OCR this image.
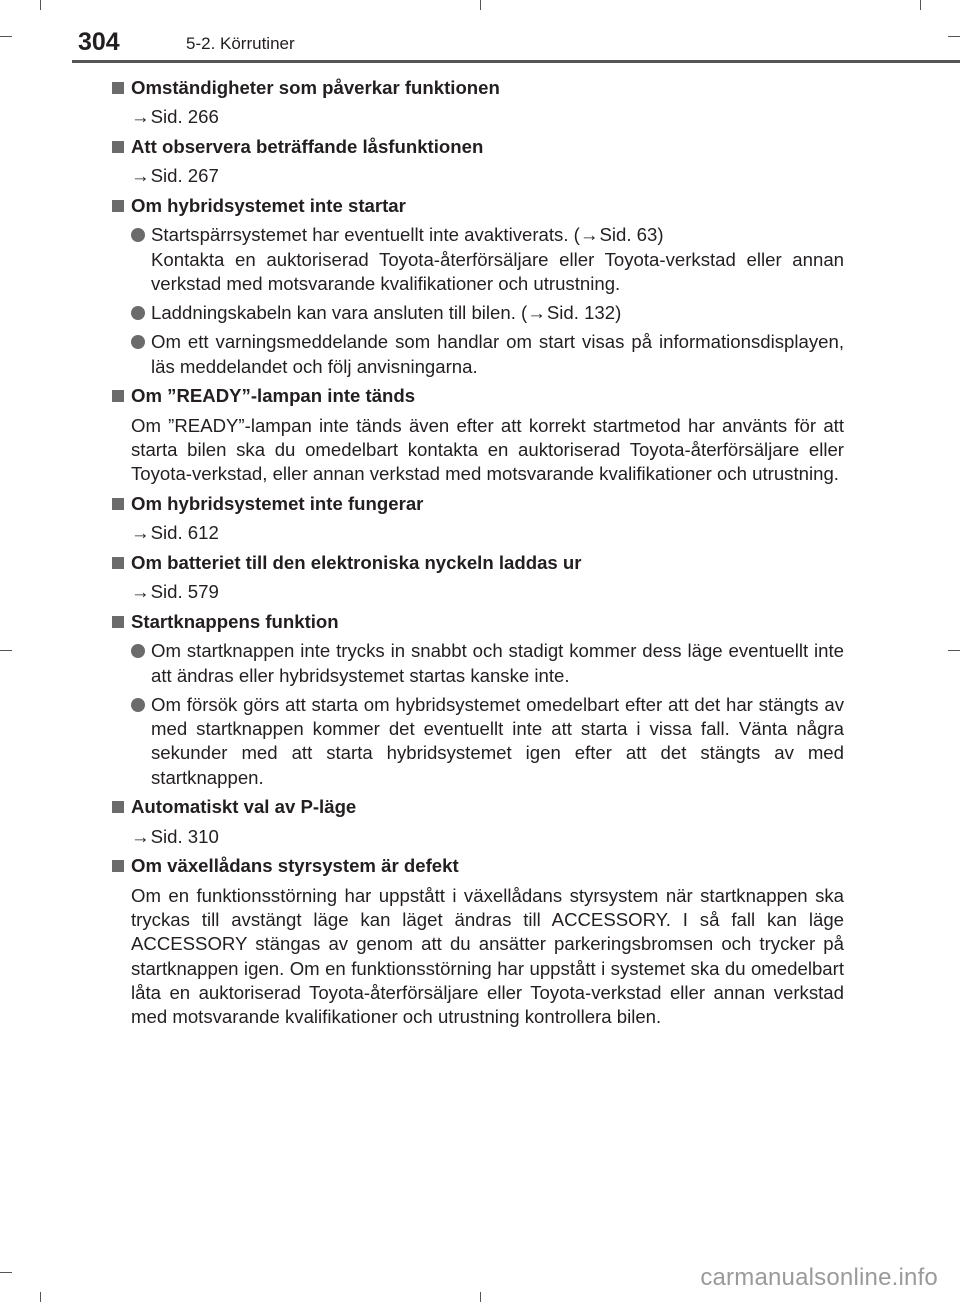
304	5-2. Körrutiner
Omständigheter som påverkar funktionen
→Sid. 266
Att observera beträffande låsfunktionen
→Sid. 267
Om hybridsystemet inte startar
Startspärrsystemet har eventuellt inte avaktiverats. (→Sid. 63)
Kontakta en auktoriserad Toyota-återförsäljare eller Toyota-verkstad eller annan verkstad med motsvarande kvalifikationer och utrustning.
Laddningskabeln kan vara ansluten till bilen. (→Sid. 132)
Om ett varningsmeddelande som handlar om start visas på informationsdisplayen, läs meddelandet och följ anvisningarna.
Om ”READY”-lampan inte tänds
Om ”READY”-lampan inte tänds även efter att korrekt startmetod har använts för att starta bilen ska du omedelbart kontakta en auktoriserad Toyota-återförsäljare eller Toyota-verkstad, eller annan verkstad med motsvarande kvalifikationer och utrustning.
Om hybridsystemet inte fungerar
→Sid. 612
Om batteriet till den elektroniska nyckeln laddas ur
→Sid. 579
Startknappens funktion
Om startknappen inte trycks in snabbt och stadigt kommer dess läge eventuellt inte att ändras eller hybridsystemet startas kanske inte.
Om försök görs att starta om hybridsystemet omedelbart efter att det har stängts av med startknappen kommer det eventuellt inte att starta i vissa fall. Vänta några sekunder med att starta hybridsystemet igen efter att det stängts av med startknappen.
Automatiskt val av P-läge
→Sid. 310
Om växellådans styrsystem är defekt
Om en funktionsstörning har uppstått i växellådans styrsystem när startknappen ska tryckas till avstängt läge kan läget ändras till ACCESSORY. I så fall kan läge ACCESSORY stängas av genom att du ansätter parkeringsbromsen och trycker på startknappen igen. Om en funktionsstörning har uppstått i systemet ska du omedelbart låta en auktoriserad Toyota-återförsäljare eller Toyota-verkstad eller annan verkstad med motsvarande kvalifikationer och utrustning kontrollera bilen.
carmanualsonline.info
